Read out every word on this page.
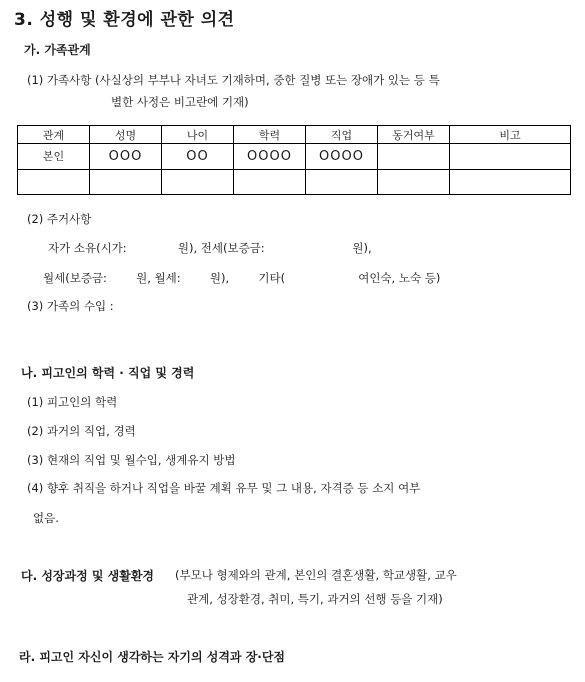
3. 성행 및 환경에 관한 의견
가. 가족관계
(1) 가족사항 (사실상의 부부나 자녀도 기재하며, 중한 질병 또는 장애가 있는 등 특
별한 사정은 비고란에 기재)
관계	성명	나이	학력	직업	동거여부	비고
본인	OOO	OO	OOOO	OOOO		

(2) 주거사항
자가 소유(시가:              원), 전세(보증금:                        원),
월세(보증금:        원, 월세:        원),        기타(                    여인숙, 노숙 등)
(3) 가족의 수입 :
나. 피고인의 학력 · 직업 및 경력
(1) 피고인의 학력
(2) 과거의 직업, 경력
(3) 현재의 직업 및 월수입, 생계유지 방법
(4) 향후 취직을 하거나 직업을 바꿀 계획 유무 및 그 내용, 자격증 등 소지 여부
없음.
다. 성장과정 및 생활환경 (부모나 형제와의 관계, 본인의 결혼생활, 학교생활, 교우
관계, 성장환경, 취미, 특기, 과거의 선행 등을 기재)
라. 피고인 자신이 생각하는 자기의 성격과 장·단점
